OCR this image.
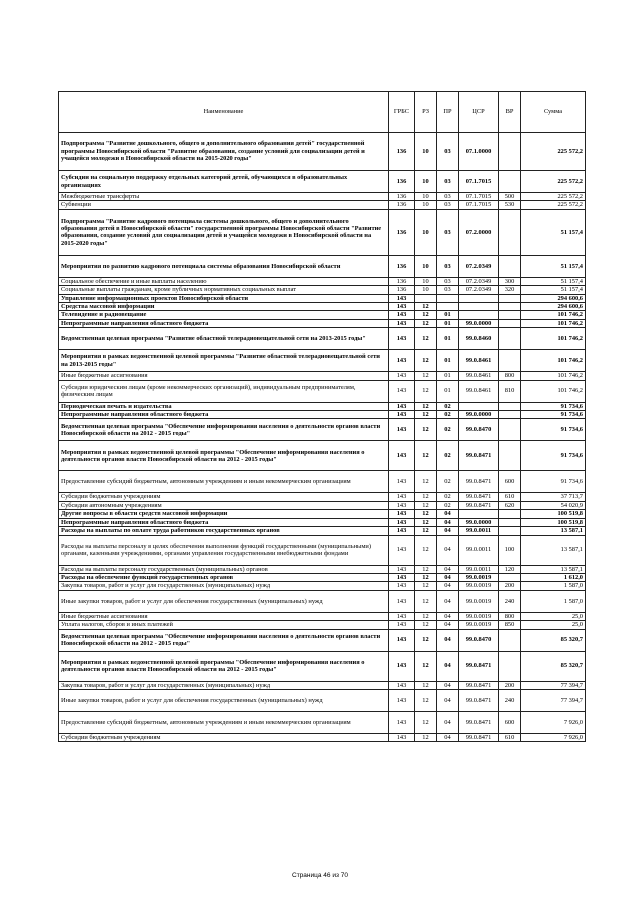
Наименование	ГРБС	РЗ	ПР	ЦСР	ВР	Сумма
Подпрограмма "Развитие дошкольного, общего и дополнительного образования детей" государственной программы Новосибирской области "Развитие образования, создание условий для социализации детей и учащейся молодежи в Новосибирской области на 2015-2020 годы"	136	10	03	07.1.0000		225 572,2
Субсидии на социальную поддержку отдельных категорий детей, обучающихся в образовательных организациях	136	10	03	07.1.7015		225 572,2
Межбюджетные трансферты	136	10	03	07.1.7015	500	225 572,2
Субвенции	136	10	03	07.1.7015	530	225 572,2
Подпрограмма "Развитие кадрового потенциала системы дошкольного, общего и дополнительного образования детей в Новосибирской области" государственной программы Новосибирской области "Развитие образования, создание условий для социализации детей и учащейся молодежи в Новосибирской области на 2015-2020 годы"	136	10	03	07.2.0000		51 157,4
Мероприятия по развитию кадрового потенциала системы образования Новосибирской области	136	10	03	07.2.0349		51 157,4
Социальное обеспечение и иные выплаты населению	136	10	03	07.2.0349	300	51 157,4
Социальные выплаты гражданам, кроме публичных нормативных социальных выплат	136	10	03	07.2.0349	320	51 157,4
Управление информационных проектов Новосибирской области	143					294 600,6
Средства массовой информации	143	12				294 600,6
Телевидение и радиовещание	143	12	01			101 746,2
Непрограммные направления областного бюджета	143	12	01	99.0.0000		101 746,2
Ведомственная целевая программа "Развитие областной телерадиовещательной сети на 2013-2015 годы"	143	12	01	99.0.8460		101 746,2
Мероприятия в рамках ведомственной целевой программы "Развитие областной телерадиовещательной сети на 2013-2015 годы"	143	12	01	99.0.8461		101 746,2
Иные бюджетные ассигнования	143	12	01	99.0.8461	800	101 746,2
Субсидии юридическим лицам (кроме некоммерческих организаций), индивидуальным предпринимателям, физическим лицам	143	12	01	99.0.8461	810	101 746,2
Периодическая печать и издательства	143	12	02			91 734,6
Непрограммные направления областного бюджета	143	12	02	99.0.0000		91 734,6
Ведомственная целевая программа "Обеспечение информирования населения о деятельности органов власти Новосибирской области на 2012 - 2015 годы"	143	12	02	99.0.8470		91 734,6
Мероприятия в рамках ведомственной целевой программы "Обеспечение информирования населения о деятельности органов власти Новосибирской области на 2012 - 2015 годы"	143	12	02	99.0.8471		91 734,6
Предоставление субсидий бюджетным, автономным учреждениям и иным некоммерческим организациям	143	12	02	99.0.8471	600	91 734,6
Субсидии бюджетным учреждениям	143	12	02	99.0.8471	610	37 713,7
Субсидии автономным учреждениям	143	12	02	99.0.8471	620	54 020,9
Другие вопросы в области средств массовой информации	143	12	04			100 519,8
Непрограммные направления областного бюджета	143	12	04	99.0.0000		100 519,8
Расходы на выплаты по оплате труда работников государственных органов	143	12	04	99.0.0011		13 587,1
Расходы на выплаты персоналу в целях обеспечения выполнения функций государственными (муниципальными) органами, казенными учреждениями, органами управления государственными внебюджетными фондами	143	12	04	99.0.0011	100	13 587,1
Расходы на выплаты персоналу государственных (муниципальных) органов	143	12	04	99.0.0011	120	13 587,1
Расходы на обеспечение функций государственных органов	143	12	04	99.0.0019		1 612,0
Закупка товаров, работ и услуг для государственных (муниципальных) нужд	143	12	04	99.0.0019	200	1 587,0
Иные закупки товаров, работ и услуг для обеспечения государственных (муниципальных) нужд	143	12	04	99.0.0019	240	1 587,0
Иные бюджетные ассигнования	143	12	04	99.0.0019	800	25,0
Уплата налогов, сборов и иных платежей	143	12	04	99.0.0019	850	25,0
Ведомственная целевая программа "Обеспечение информирования населения о деятельности органов власти Новосибирской области на 2012 - 2015 годы"	143	12	04	99.0.8470		85 320,7
Мероприятия в рамках ведомственной целевой программы "Обеспечение информирования населения о деятельности органов власти Новосибирской области на 2012 - 2015 годы"	143	12	04	99.0.8471		85 320,7
Закупка товаров, работ и услуг для государственных (муниципальных) нужд	143	12	04	99.0.8471	200	77 394,7
Иные закупки товаров, работ и услуг для обеспечения государственных (муниципальных) нужд	143	12	04	99.0.8471	240	77 394,7
Предоставление субсидий бюджетным, автономным учреждениям и иным некоммерческим организациям	143	12	04	99.0.8471	600	7 926,0
Субсидии бюджетным учреждениям	143	12	04	99.0.8471	610	7 926,0
Страница 46 из 70
